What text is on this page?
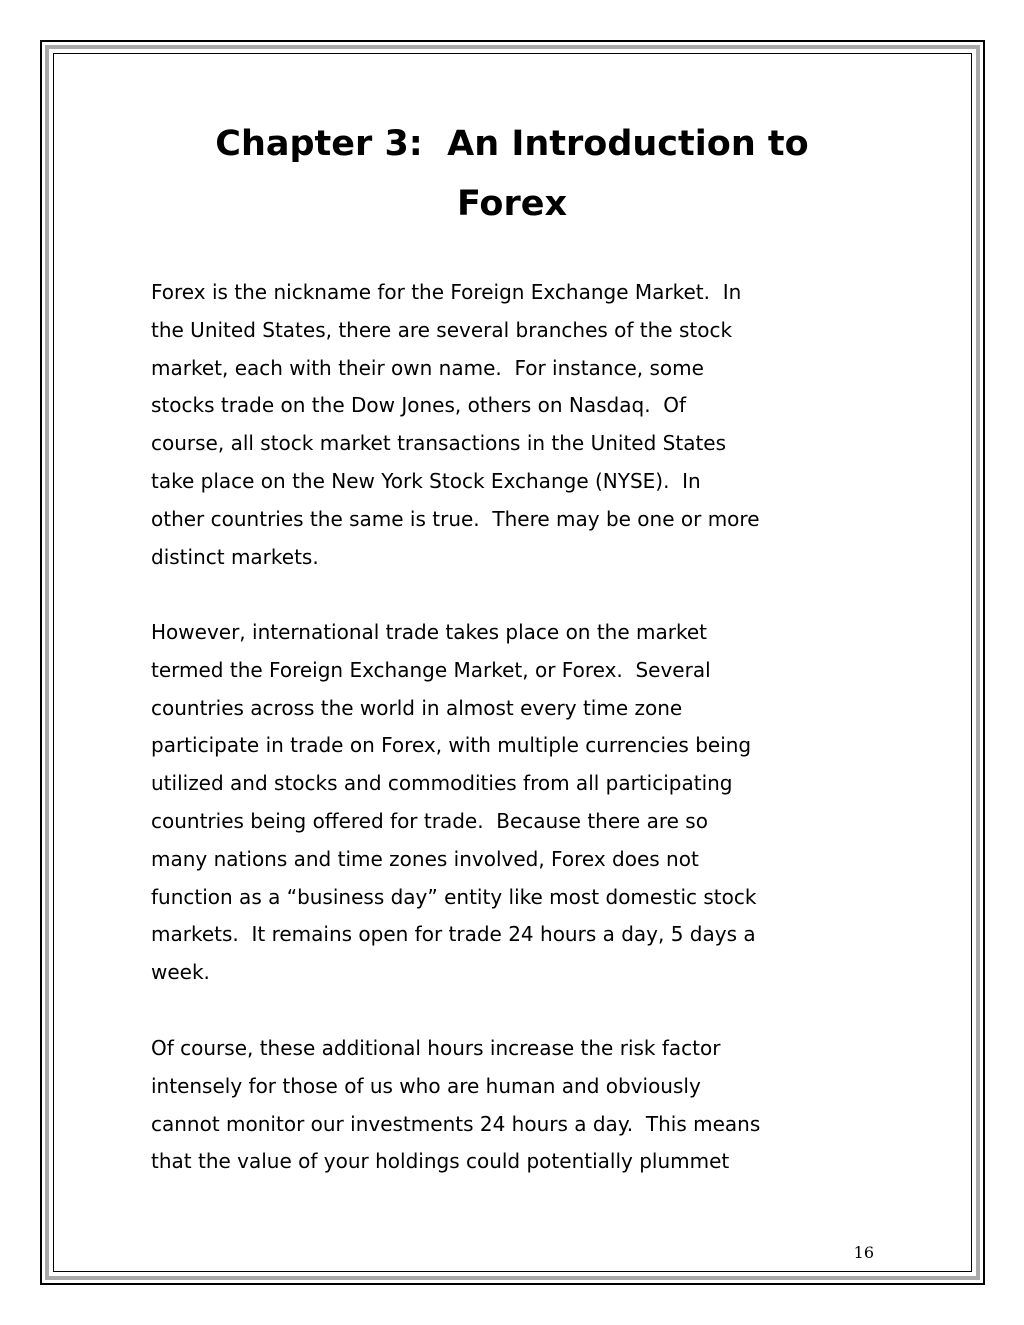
Chapter 3:  An Introduction to
Forex

Forex is the nickname for the Foreign Exchange Market.  In
the United States, there are several branches of the stock
market, each with their own name.  For instance, some
stocks trade on the Dow Jones, others on Nasdaq.  Of
course, all stock market transactions in the United States
take place on the New York Stock Exchange (NYSE).  In
other countries the same is true.  There may be one or more
distinct markets.

However, international trade takes place on the market
termed the Foreign Exchange Market, or Forex.  Several
countries across the world in almost every time zone
participate in trade on Forex, with multiple currencies being
utilized and stocks and commodities from all participating
countries being offered for trade.  Because there are so
many nations and time zones involved, Forex does not
function as a “business day” entity like most domestic stock
markets.  It remains open for trade 24 hours a day, 5 days a
week.

Of course, these additional hours increase the risk factor
intensely for those of us who are human and obviously
cannot monitor our investments 24 hours a day.  This means
that the value of your holdings could potentially plummet

16
